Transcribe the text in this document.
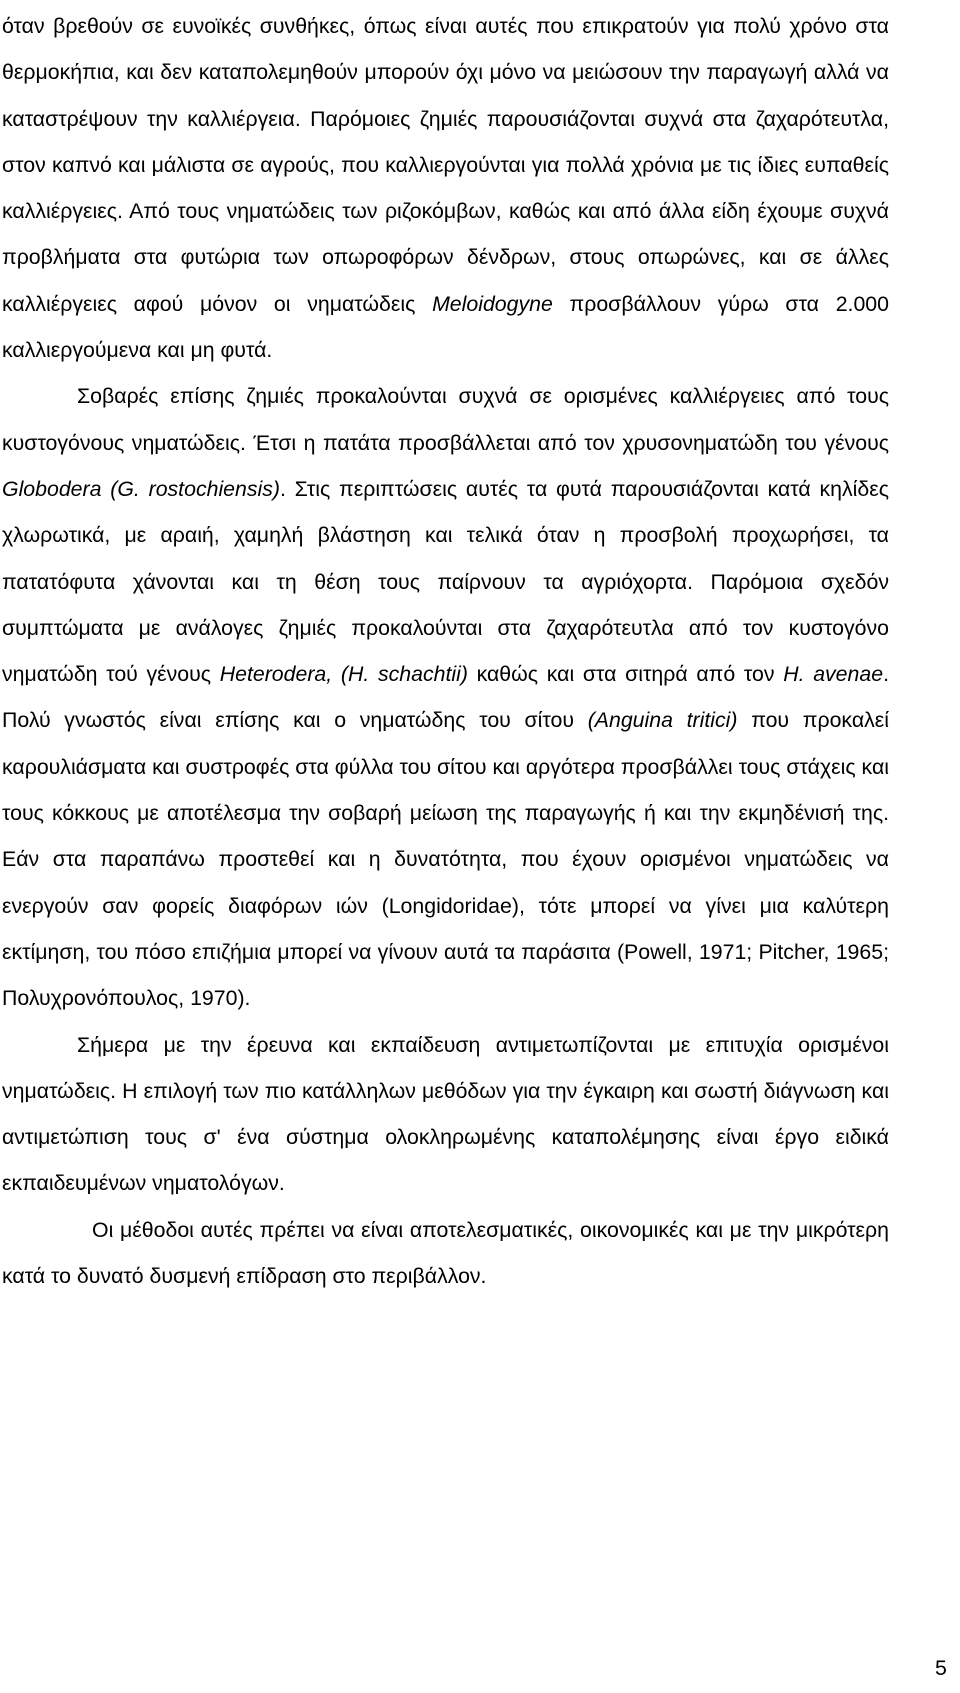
όταν βρεθούν σε ευνοϊκές συνθήκες, όπως είναι αυτές που επικρατούν για πολύ χρόνο στα θερμοκήπια, και δεν καταπολεμηθούν μπορούν όχι μόνο να μειώσουν την παραγωγή αλλά να καταστρέψουν την καλλιέργεια. Παρόμοιες ζημιές παρουσιάζονται συχνά στα ζαχαρότευτλα, στον καπνό και μάλιστα σε αγρούς, που καλλιεργούνται για πολλά χρόνια με τις ίδιες ευπαθείς καλλιέργειες. Από τους νηματώδεις των ριζοκόμβων, καθώς και από άλλα είδη έχουμε συχνά προβλήματα στα φυτώρια των οπωροφόρων δένδρων, στους οπωρώνες, και σε άλλες καλλιέργειες αφού μόνον οι νηματώδεις Meloidogyne προσβάλλουν γύρω στα 2.000 καλλιεργούμενα και μη φυτά.

Σοβαρές επίσης ζημιές προκαλούνται συχνά σε ορισμένες καλλιέργειες από τους κυστογόνους νηματώδεις. Έτσι η πατάτα προσβάλλεται από τον χρυσονηματώδη του γένους Globodera (G. rostochiensis). Στις περιπτώσεις αυτές τα φυτά παρουσιάζονται κατά κηλίδες χλωρωτικά, με αραιή, χαμηλή βλάστηση και τελικά όταν η προσβολή προχωρήσει, τα πατατόφυτα χάνονται και τη θέση τους παίρνουν τα αγριόχορτα. Παρόμοια σχεδόν συμπτώματα με ανάλογες ζημιές προκαλούνται στα ζαχαρότευτλα από τον κυστογόνο νηματώδη τού γένους Heterodera, (H. schachtii) καθώς και στα σιτηρά από τον H. avenae. Πολύ γνωστός είναι επίσης και ο νηματώδης του σίτου (Anguina tritici) που προκαλεί καρουλιάσματα και συστροφές στα φύλλα του σίτου και αργότερα προσβάλλει τους στάχεις και τους κόκκους με αποτέλεσμα την σοβαρή μείωση της παραγωγής ή και την εκμηδένισή της. Εάν στα παραπάνω προστεθεί και η δυνατότητα, που έχουν ορισμένοι νηματώδεις να ενεργούν σαν φορείς διαφόρων ιών (Longidoridae), τότε μπορεί να γίνει μια καλύτερη εκτίμηση, του πόσο επιζήμια μπορεί να γίνουν αυτά τα παράσιτα (Powell, 1971; Pitcher, 1965; Πολυχρονόπουλος, 1970).

Σήμερα με την έρευνα και εκπαίδευση αντιμετωπίζονται με επιτυχία ορισμένοι νηματώδεις. Η επιλογή των πιο κατάλληλων μεθόδων για την έγκαιρη και σωστή διάγνωση και αντιμετώπιση τους σ' ένα σύστημα ολοκληρωμένης καταπολέμησης είναι έργο ειδικά εκπαιδευμένων νηματολόγων.

Οι μέθοδοι αυτές πρέπει να είναι αποτελεσματικές, οικονομικές και με την μικρότερη κατά το δυνατό δυσμενή επίδραση στο περιβάλλον.

5
